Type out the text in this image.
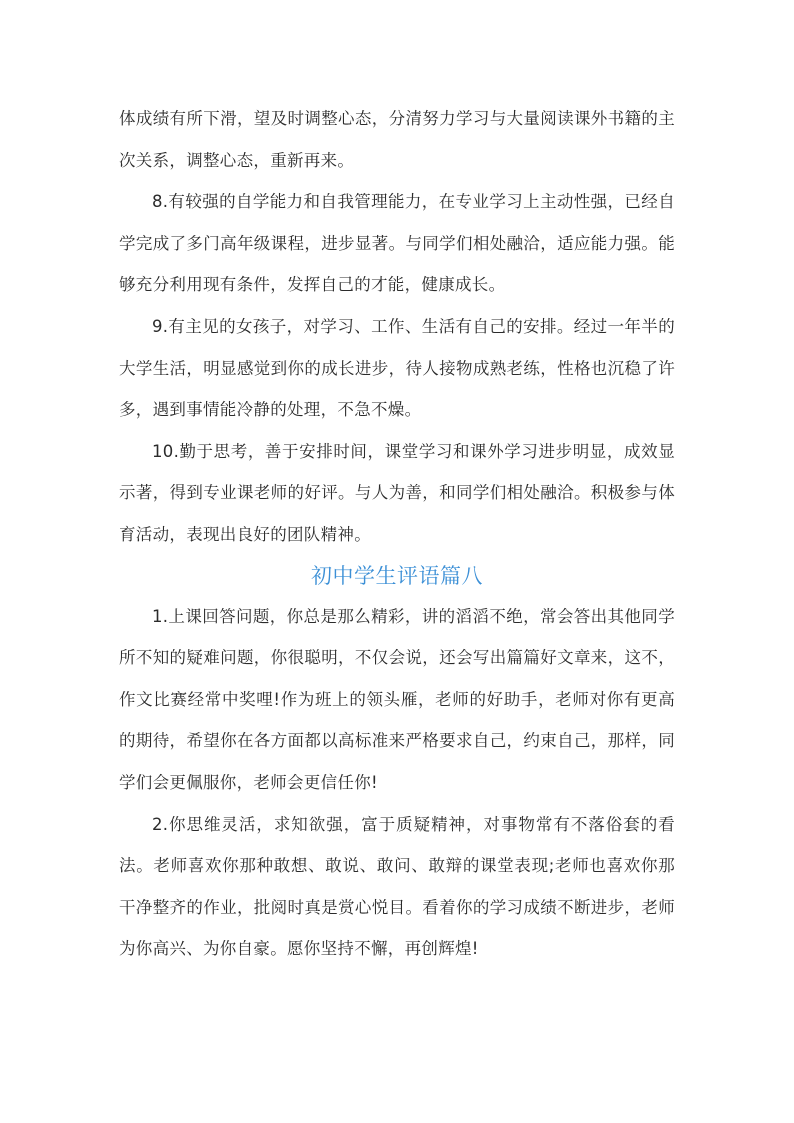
体成绩有所下滑，望及时调整心态，分清努力学习与大量阅读课外书籍的主次关系，调整心态，重新再来。

8.有较强的自学能力和自我管理能力，在专业学习上主动性强，已经自学完成了多门高年级课程，进步显著。与同学们相处融洽，适应能力强。能够充分利用现有条件，发挥自己的才能，健康成长。

9.有主见的女孩子，对学习、工作、生活有自己的安排。经过一年半的大学生活，明显感觉到你的成长进步，待人接物成熟老练，性格也沉稳了许多，遇到事情能冷静的处理，不急不燥。

10.勤于思考，善于安排时间，课堂学习和课外学习进步明显，成效显示著，得到专业课老师的好评。与人为善，和同学们相处融洽。积极参与体育活动，表现出良好的团队精神。

初中学生评语篇八

1.上课回答问题，你总是那么精彩，讲的滔滔不绝，常会答出其他同学所不知的疑难问题，你很聪明，不仅会说，还会写出篇篇好文章来，这不，作文比赛经常中奖哩!作为班上的领头雁，老师的好助手，老师对你有更高的期待，希望你在各方面都以高标准来严格要求自己，约束自己，那样，同学们会更佩服你，老师会更信任你!

2.你思维灵活，求知欲强，富于质疑精神，对事物常有不落俗套的看法。老师喜欢你那种敢想、敢说、敢问、敢辩的课堂表现;老师也喜欢你那干净整齐的作业，批阅时真是赏心悦目。看着你的学习成绩不断进步，老师为你高兴、为你自豪。愿你坚持不懈，再创辉煌!
